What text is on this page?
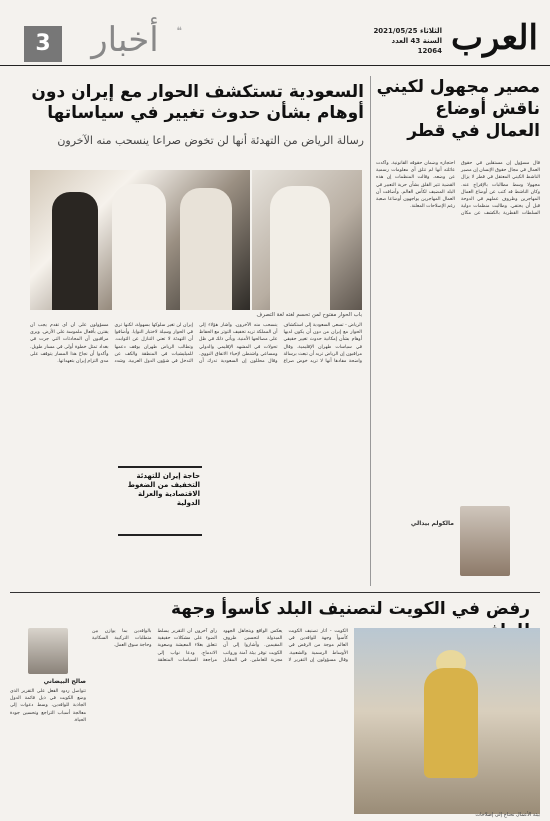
العرب
الثلاثاء 2021/05/25
السنة 43 العدد 12064
أخبار	❝
3
مصير مجهول لكيني ناقش أوضاع العمال في قطر
قال مسؤول إن مستقلين في حقوق العمال في مجال حقوق الإنسان إن مصير الناشط الكيني المعتقل في قطر لا يزال مجهولا وسط مطالبات بالإفراج عنه. وكان الناشط قد كتب عن أوضاع العمال المهاجرين وظروف عملهم في الدوحة قبل أن يختفي. وطالبت منظمات دولية السلطات القطرية بالكشف عن مكان احتجازه وضمان حقوقه القانونية. وأكدت عائلته أنها لم تتلق أي معلومات رسمية عن وضعه. وقالت المنظمات إن هذه القضية تثير القلق بشأن حرية التعبير في البلد المضيف لكأس العالم. وأضافت أن العمال المهاجرين يواجهون أوضاعا صعبة رغم الإصلاحات المعلنة.
مالكولم بيدالي
السعودية تستكشف الحوار مع إيران دون أوهام بشأن حدوث تغيير في سياساتها
رسالة الرياض من التهدئة أنها لن تخوض صراعا ينسحب منه الآخرون
باب الحوار مفتوح لمن تحسم لغته لغة التصرف
الرياض - تسعى السعودية إلى استكشاف الحوار مع إيران من دون أن يكون لديها أوهام بشأن إمكانية حدوث تغيير حقيقي في سياسات طهران الإقليمية. وقال مراقبون إن الرياض تريد أن تبعث برسالة واضحة مفادها أنها لا تريد خوض صراع ينسحب منه الآخرون. وأشار هؤلاء إلى أن المملكة تريد تخفيف التوتر مع الحفاظ على مصالحها الأمنية. ويأتي ذلك في ظل تحولات في المشهد الإقليمي والدولي ومساعي واشنطن لإحياء الاتفاق النووي. وقال محللون إن السعودية تدرك أن إيران لن تغير سلوكها بسهولة، لكنها ترى في الحوار وسيلة لاختبار النوايا. وأضافوا أن التهدئة لا تعني التنازل عن الثوابت. وتطالب الرياض طهران بوقف دعمها للميليشيات في المنطقة والكف عن التدخل في شؤون الدول العربية. وشدد مسؤولون على أن أي تقدم يجب أن يقترن بأفعال ملموسة على الأرض. ويرى مراقبون أن المحادثات التي جرت في بغداد تمثل خطوة أولى في مسار طويل. وأكدوا أن نجاح هذا المسار يتوقف على مدى التزام إيران بتعهداتها.
حاجة إيران للتهدئة التخفيف من الضغوط الاقتصادية والعزلة الدولية
رفض في الكويت لتصنيف البلد كأسوأ وجهة
بيئة الأعمال تحتاج إلى إصلاحات
الكويت - أثار تصنيف الكويت كأسوأ وجهة للوافدين في العالم موجة من الرفض في الأوساط الرسمية والشعبية. وقال مسؤولون إن التقرير لا يعكس الواقع ويتجاهل الجهود المبذولة لتحسين ظروف المقيمين. وأشاروا إلى أن الكويت توفر بيئة آمنة ورواتب مجزية للعاملين. في المقابل رأى آخرون أن التقرير يسلط الضوء على مشكلات حقيقية تتعلق بغلاء المعيشة وصعوبة الاندماج. ودعا نواب إلى مراجعة السياسات المتعلقة بالوافدين بما يوازن بين متطلبات التركيبة السكانية وحاجة سوق العمل.
صالح البيضاني
تتواصل ردود الفعل على التقرير الذي وضع الكويت في ذيل قائمة الدول الجاذبة للوافدين، وسط دعوات إلى معالجة أسباب التراجع وتحسين جودة الحياة.
